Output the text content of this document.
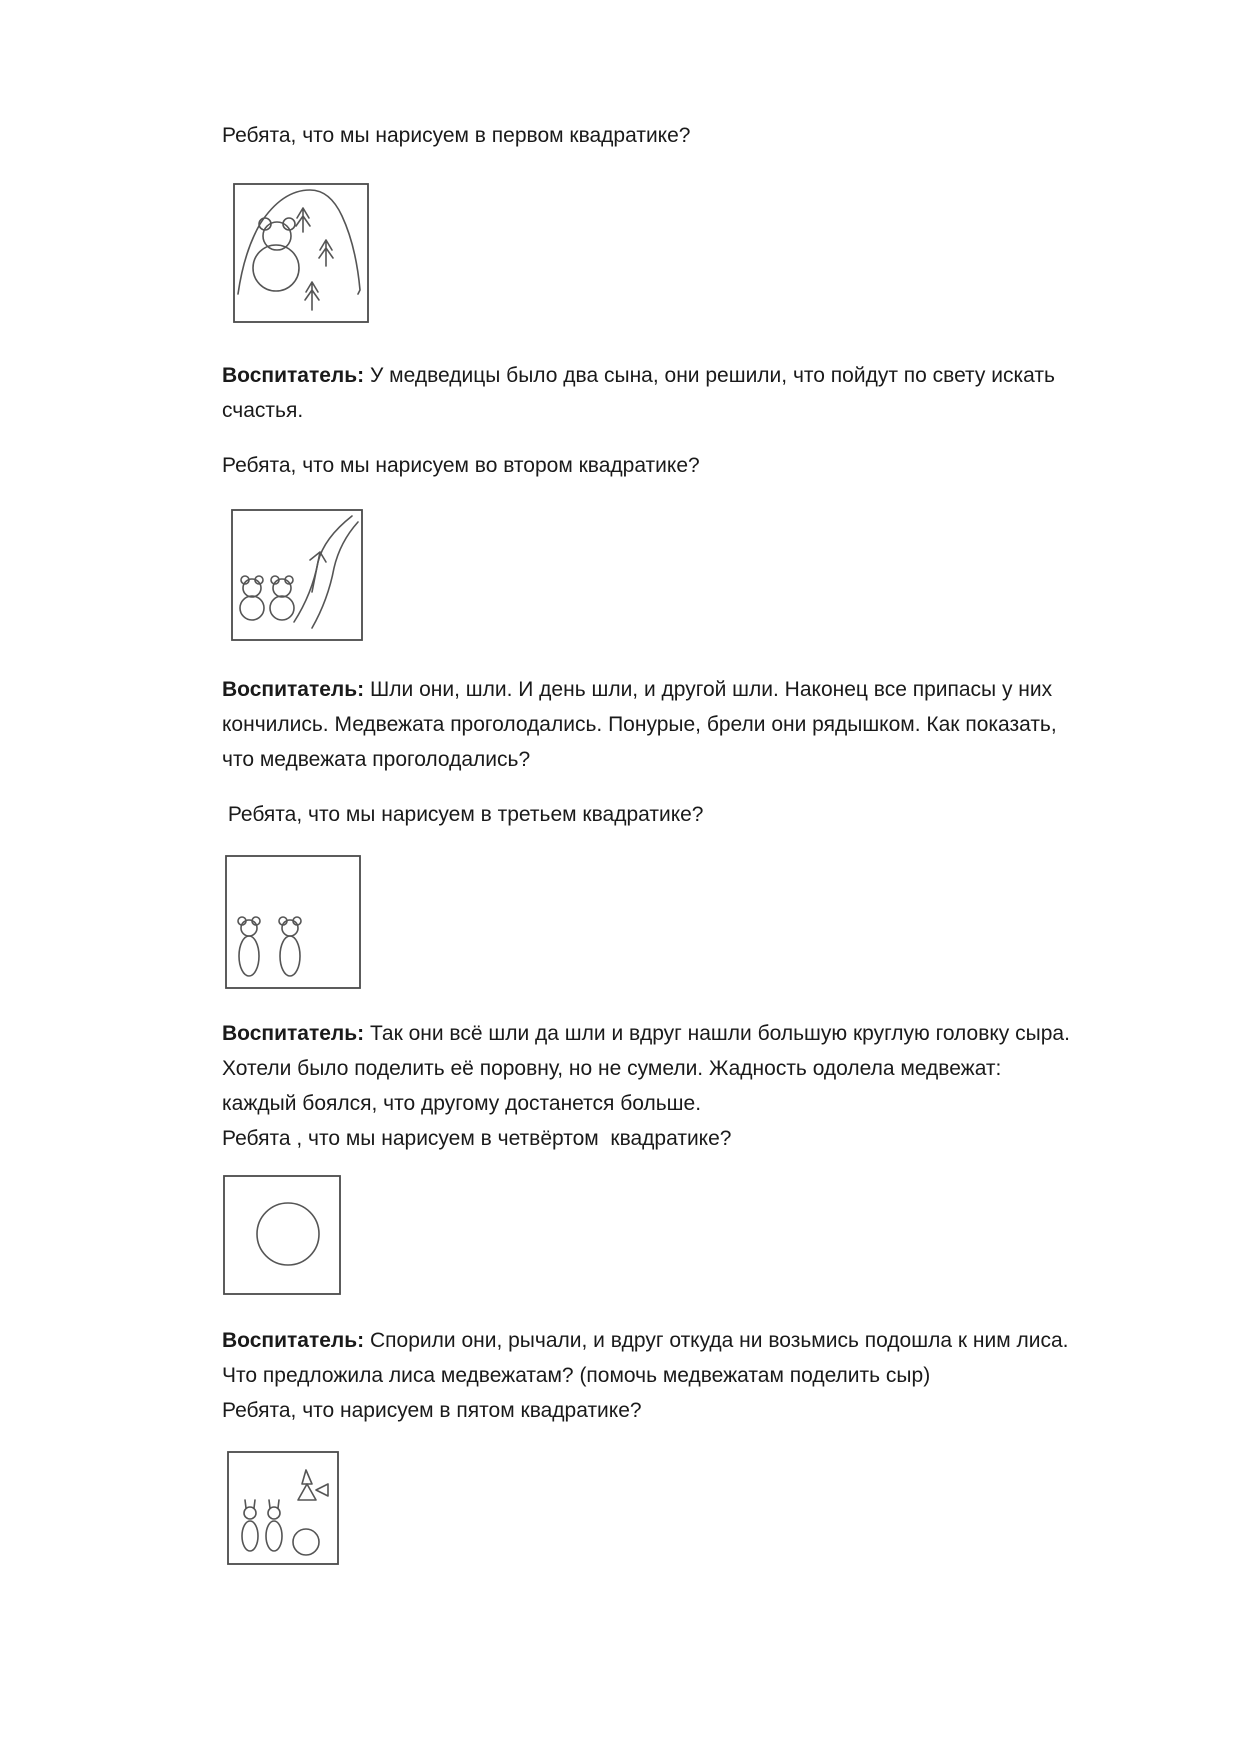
Ребята, что мы нарисуем в первом квадратике?

Воспитатель: У медведицы было два сына, они решили, что пойдут по свету искать

счастья.

Ребята, что мы нарисуем во втором квадратике?

Воспитатель: Шли они, шли. И день шли, и другой шли. Наконец все припасы у них

кончились. Медвежата проголодались. Понурые, брели они рядышком. Как показать,

что медвежата проголодались?

Ребята, что мы нарисуем в третьем квадратике?

Воспитатель: Так они всё шли да шли и вдруг нашли большую круглую головку сыра.

Хотели было поделить её поровну, но не сумели. Жадность одолела медвежат:

каждый боялся, что другому достанется больше.

Ребята , что мы нарисуем в четвёртом  квадратике?

Воспитатель: Спорили они, рычали, и вдруг откуда ни возьмись подошла к ним лиса.

Что предложила лиса медвежатам? (помочь медвежатам поделить сыр)

Ребята, что нарисуем в пятом квадратике?
